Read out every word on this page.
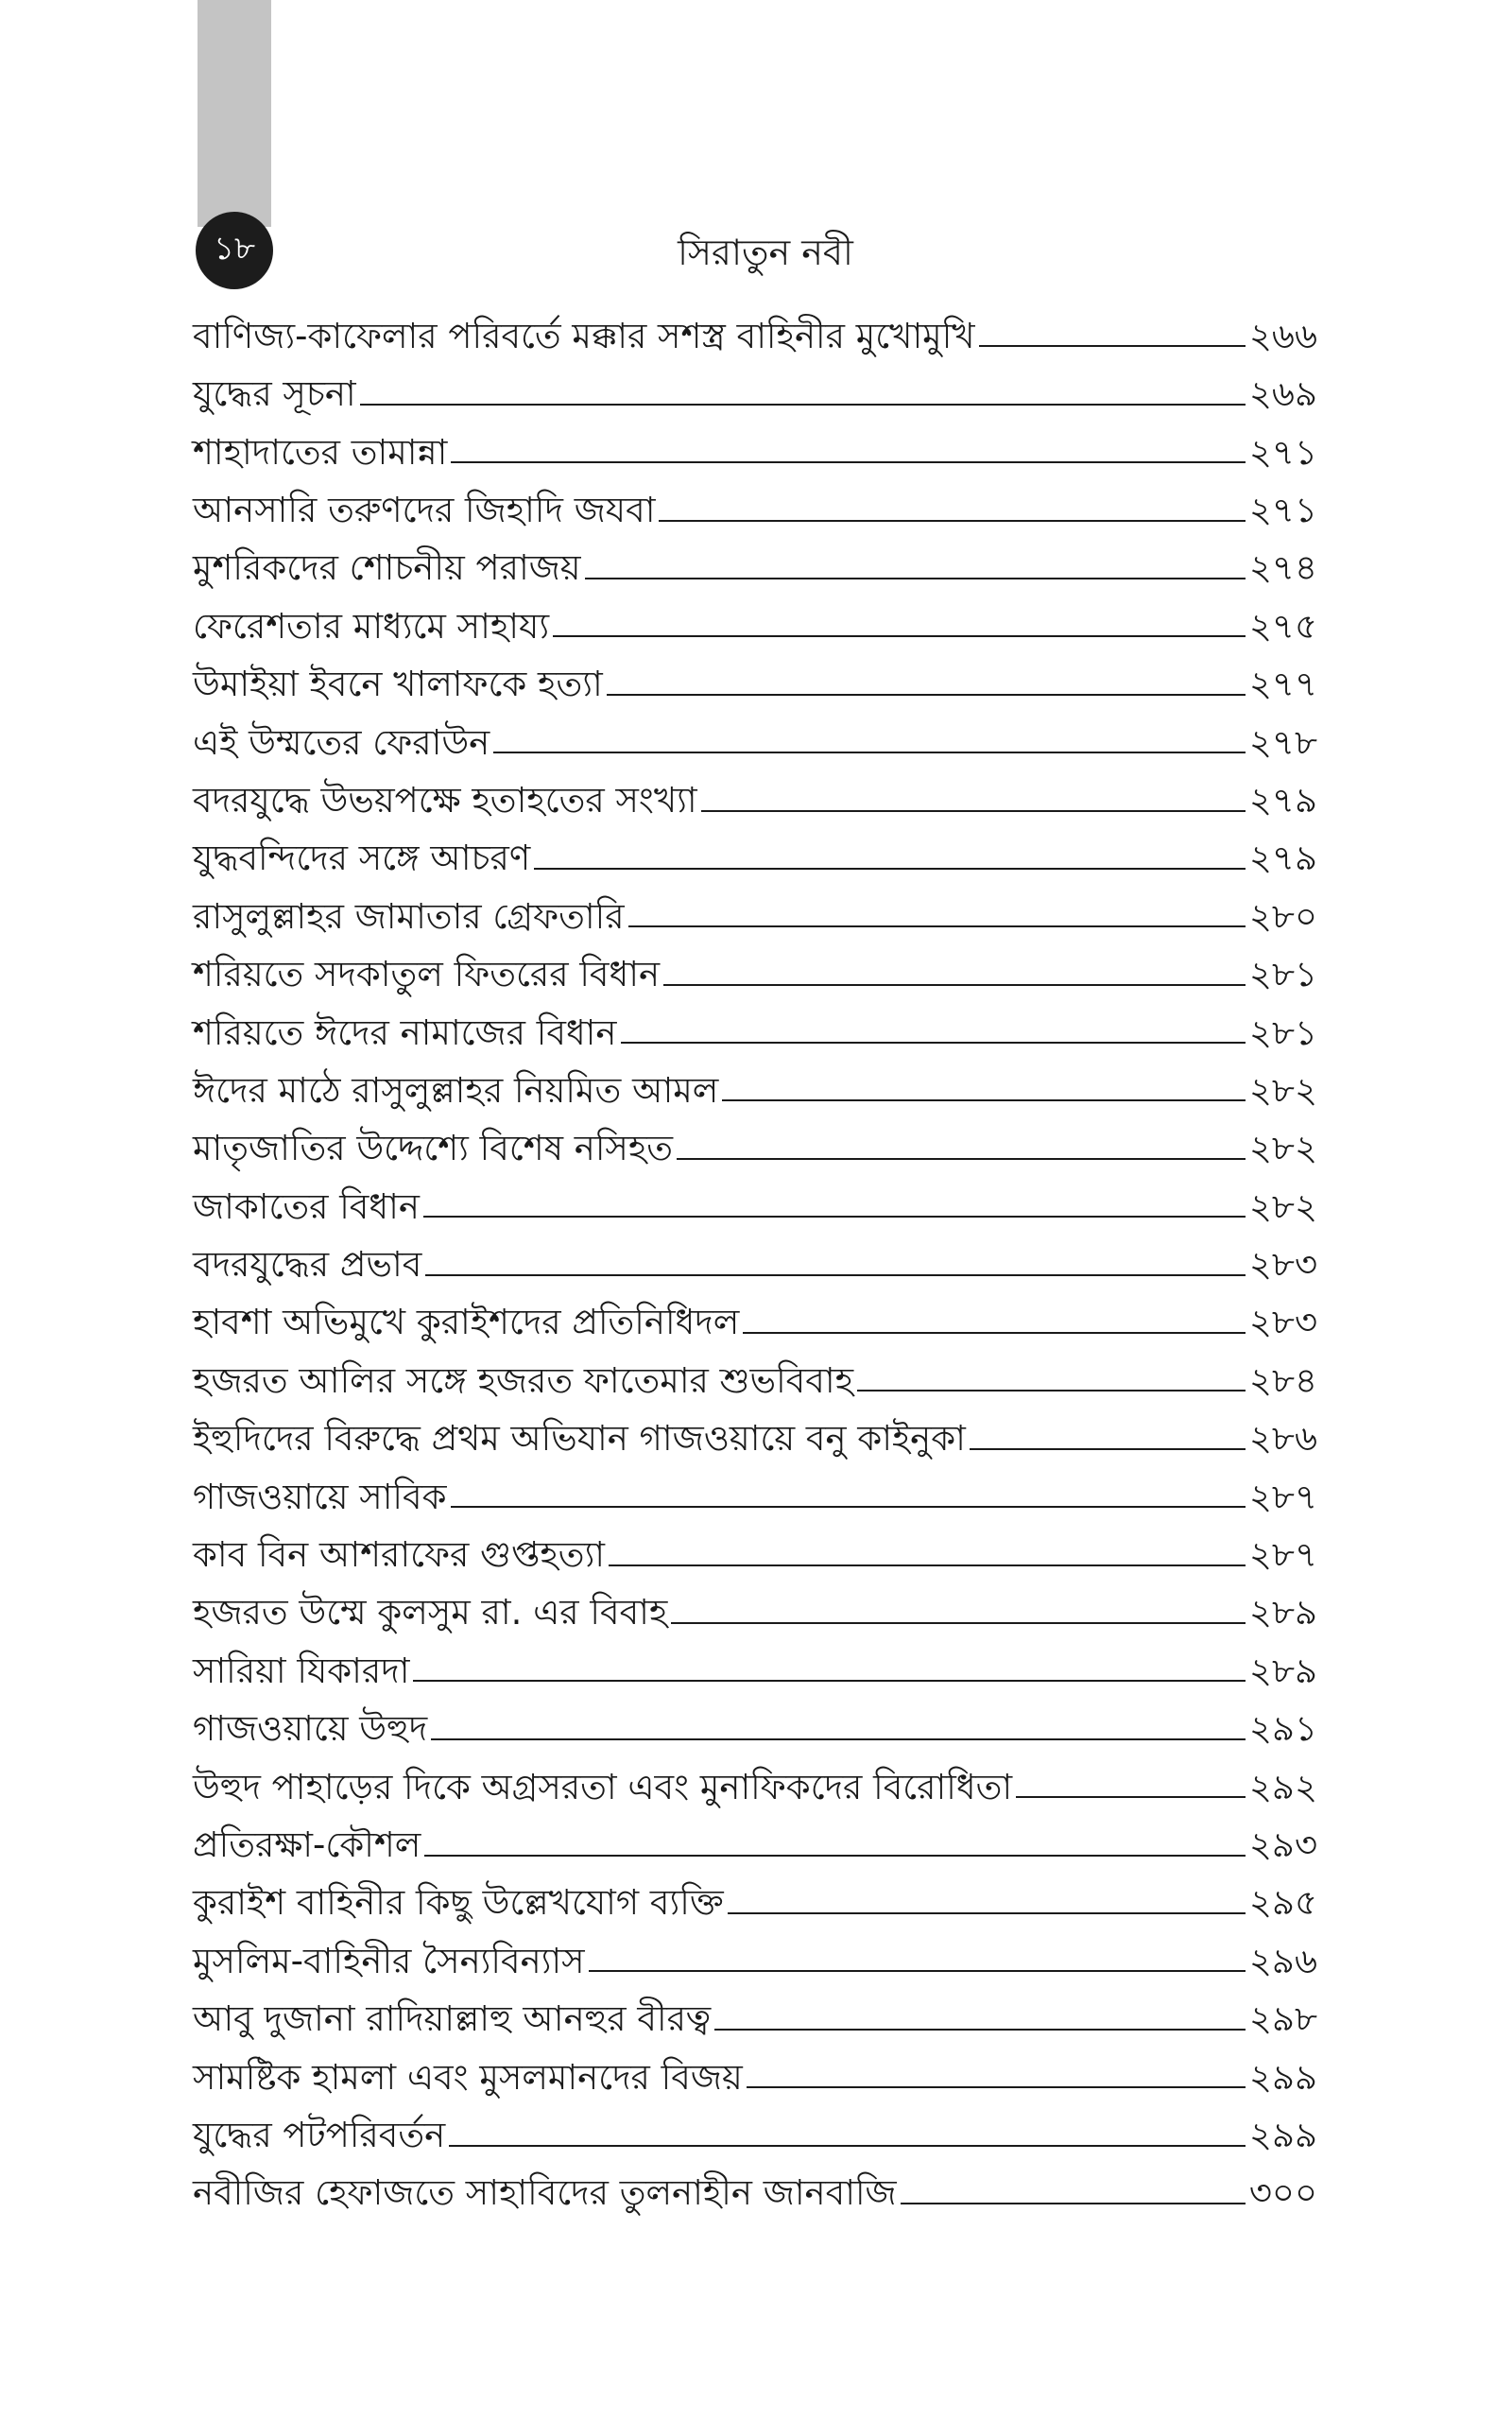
১৮	সিরাতুন নবী
বাণিজ্য-কাফেলার পরিবর্তে মক্কার সশস্ত্র বাহিনীর মুখোমুখি	২৬৬
যুদ্ধের সূচনা	২৬৯
শাহাদাতের তামান্না	২৭১
আনসারি তরুণদের জিহাদি জযবা	২৭১
মুশরিকদের শোচনীয় পরাজয়	২৭৪
ফেরেশতার মাধ্যমে সাহায্য	২৭৫
উমাইয়া ইবনে খালাফকে হত্যা	২৭৭
এই উম্মতের ফেরাউন	২৭৮
বদরযুদ্ধে উভয়পক্ষে হতাহতের সংখ্যা	২৭৯
যুদ্ধবন্দিদের সঙ্গে আচরণ	২৭৯
রাসুলুল্লাহর জামাতার গ্রেফতারি	২৮০
শরিয়তে সদকাতুল ফিতরের বিধান	২৮১
শরিয়তে ঈদের নামাজের বিধান	২৮১
ঈদের মাঠে রাসুলুল্লাহর নিয়মিত আমল	২৮২
মাতৃজাতির উদ্দেশ্যে বিশেষ নসিহত	২৮২
জাকাতের বিধান	২৮২
বদরযুদ্ধের প্রভাব	২৮৩
হাবশা অভিমুখে কুরাইশদের প্রতিনিধিদল	২৮৩
হজরত আলির সঙ্গে হজরত ফাতেমার শুভবিবাহ	২৮৪
ইহুদিদের বিরুদ্ধে প্রথম অভিযান গাজওয়ায়ে বনু কাইনুকা	২৮৬
গাজওয়ায়ে সাবিক	২৮৭
কাব বিন আশরাফের গুপ্তহত্যা	২৮৭
হজরত উম্মে কুলসুম রা. এর বিবাহ	২৮৯
সারিয়া যিকারদা	২৮৯
গাজওয়ায়ে উহুদ	২৯১
উহুদ পাহাড়ের দিকে অগ্রসরতা এবং মুনাফিকদের বিরোধিতা	২৯২
প্রতিরক্ষা-কৌশল	২৯৩
কুরাইশ বাহিনীর কিছু উল্লেখযোগ ব্যক্তি	২৯৫
মুসলিম-বাহিনীর সৈন্যবিন্যাস	২৯৬
আবু দুজানা রাদিয়াল্লাহু আনহুর বীরত্ব	২৯৮
সামষ্টিক হামলা এবং মুসলমানদের বিজয়	২৯৯
যুদ্ধের পটপরিবর্তন	২৯৯
নবীজির হেফাজতে সাহাবিদের তুলনাহীন জানবাজি	৩০০
